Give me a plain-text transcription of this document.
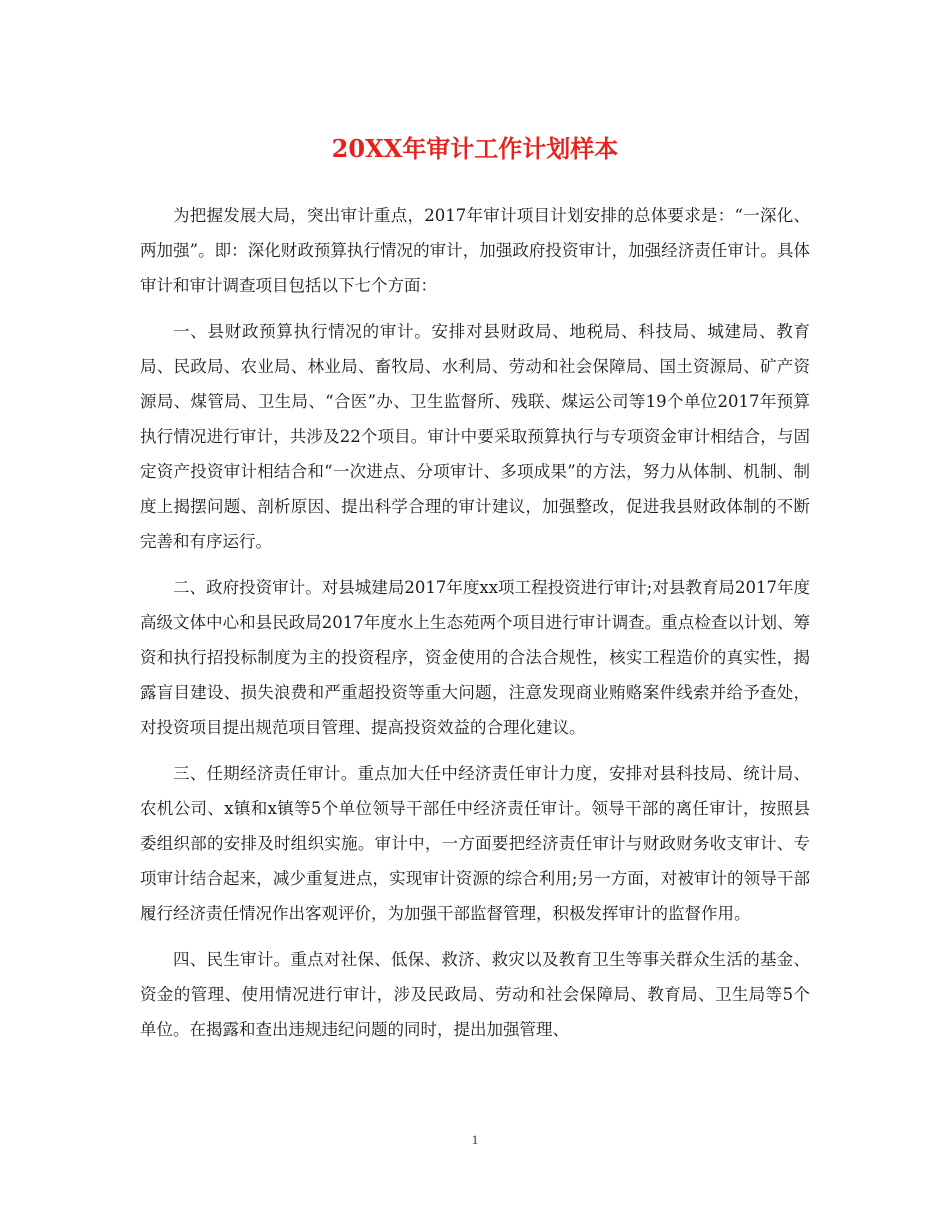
20XX年审计工作计划样本

为把握发展大局，突出审计重点，2017年审计项目计划安排的总体要求是：“一深化、两加强”。即：深化财政预算执行情况的审计，加强政府投资审计，加强经济责任审计。具体审计和审计调查项目包括以下七个方面：

一、县财政预算执行情况的审计。安排对县财政局、地税局、科技局、城建局、教育局、民政局、农业局、林业局、畜牧局、水利局、劳动和社会保障局、国土资源局、矿产资源局、煤管局、卫生局、“合医”办、卫生监督所、残联、煤运公司等19个单位2017年预算执行情况进行审计，共涉及22个项目。审计中要采取预算执行与专项资金审计相结合，与固定资产投资审计相结合和“一次进点、分项审计、多项成果”的方法，努力从体制、机制、制度上揭摆问题、剖析原因、提出科学合理的审计建议，加强整改，促进我县财政体制的不断完善和有序运行。

二、政府投资审计。对县城建局2017年度xx项工程投资进行审计;对县教育局2017年度高级文体中心和县民政局2017年度水上生态苑两个项目进行审计调查。重点检查以计划、筹资和执行招投标制度为主的投资程序，资金使用的合法合规性，核实工程造价的真实性，揭露盲目建设、损失浪费和严重超投资等重大问题，注意发现商业贿赂案件线索并给予查处，对投资项目提出规范项目管理、提高投资效益的合理化建议。

三、任期经济责任审计。重点加大任中经济责任审计力度，安排对县科技局、统计局、农机公司、x镇和x镇等5个单位领导干部任中经济责任审计。领导干部的离任审计，按照县委组织部的安排及时组织实施。审计中，一方面要把经济责任审计与财政财务收支审计、专项审计结合起来，减少重复进点，实现审计资源的综合利用;另一方面，对被审计的领导干部履行经济责任情况作出客观评价，为加强干部监督管理，积极发挥审计的监督作用。

四、民生审计。重点对社保、低保、救济、救灾以及教育卫生等事关群众生活的基金、资金的管理、使用情况进行审计，涉及民政局、劳动和社会保障局、教育局、卫生局等5个单位。在揭露和查出违规违纪问题的同时，提出加强管理、

1
